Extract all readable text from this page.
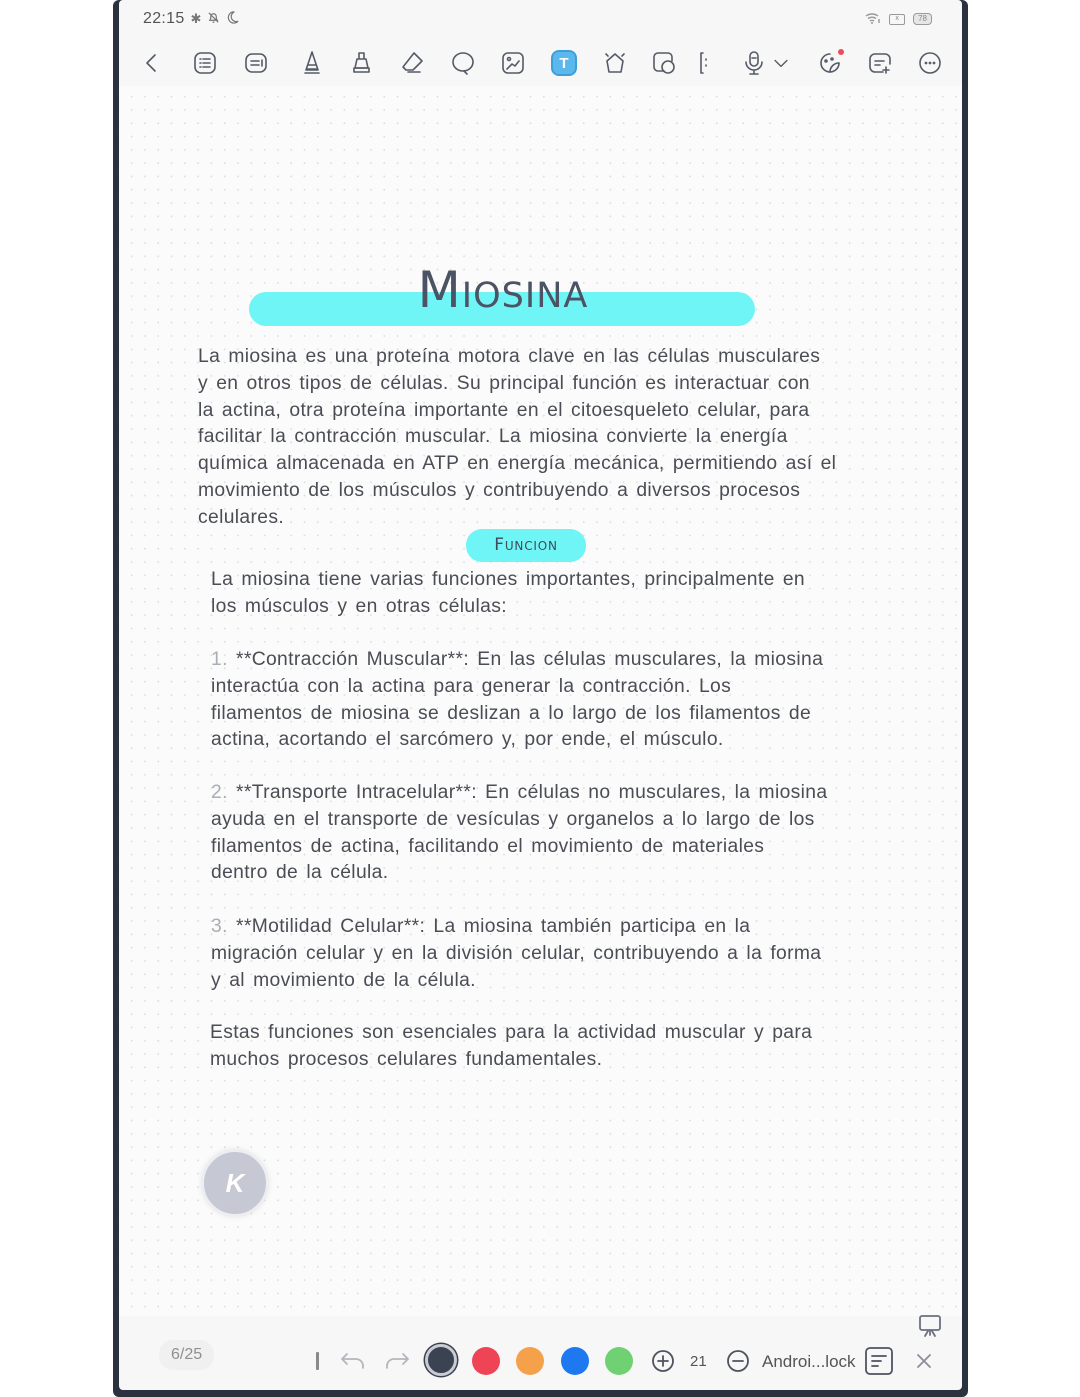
22:15 ✱	x	78
T
Miosina
La miosina es una proteína motora clave en las células musculares
y en otros tipos de células. Su principal función es interactuar con
la actina, otra proteína importante en el citoesqueleto celular, para
facilitar la contracción muscular. La miosina convierte la energía
química almacenada en ATP en energía mecánica, permitiendo así el
movimiento de los músculos y contribuyendo a diversos procesos
celulares.
Funcion
La miosina tiene varias funciones importantes, principalmente en
los músculos y en otras células:
1. **Contracción Muscular**: En las células musculares, la miosina
interactúa con la actina para generar la contracción. Los
filamentos de miosina se deslizan a lo largo de los filamentos de
actina, acortando el sarcómero y, por ende, el músculo.
2. **Transporte Intracelular**: En células no musculares, la miosina
ayuda en el transporte de vesículas y organelos a lo largo de los
filamentos de actina, facilitando el movimiento de materiales
dentro de la célula.
3. **Motilidad Celular**: La miosina también participa en la
migración celular y en la división celular, contribuyendo a la forma
y al movimiento de la célula.
Estas funciones son esenciales para la actividad muscular y para
muchos procesos celulares fundamentales.
K
6/25	21	Androi...lock
